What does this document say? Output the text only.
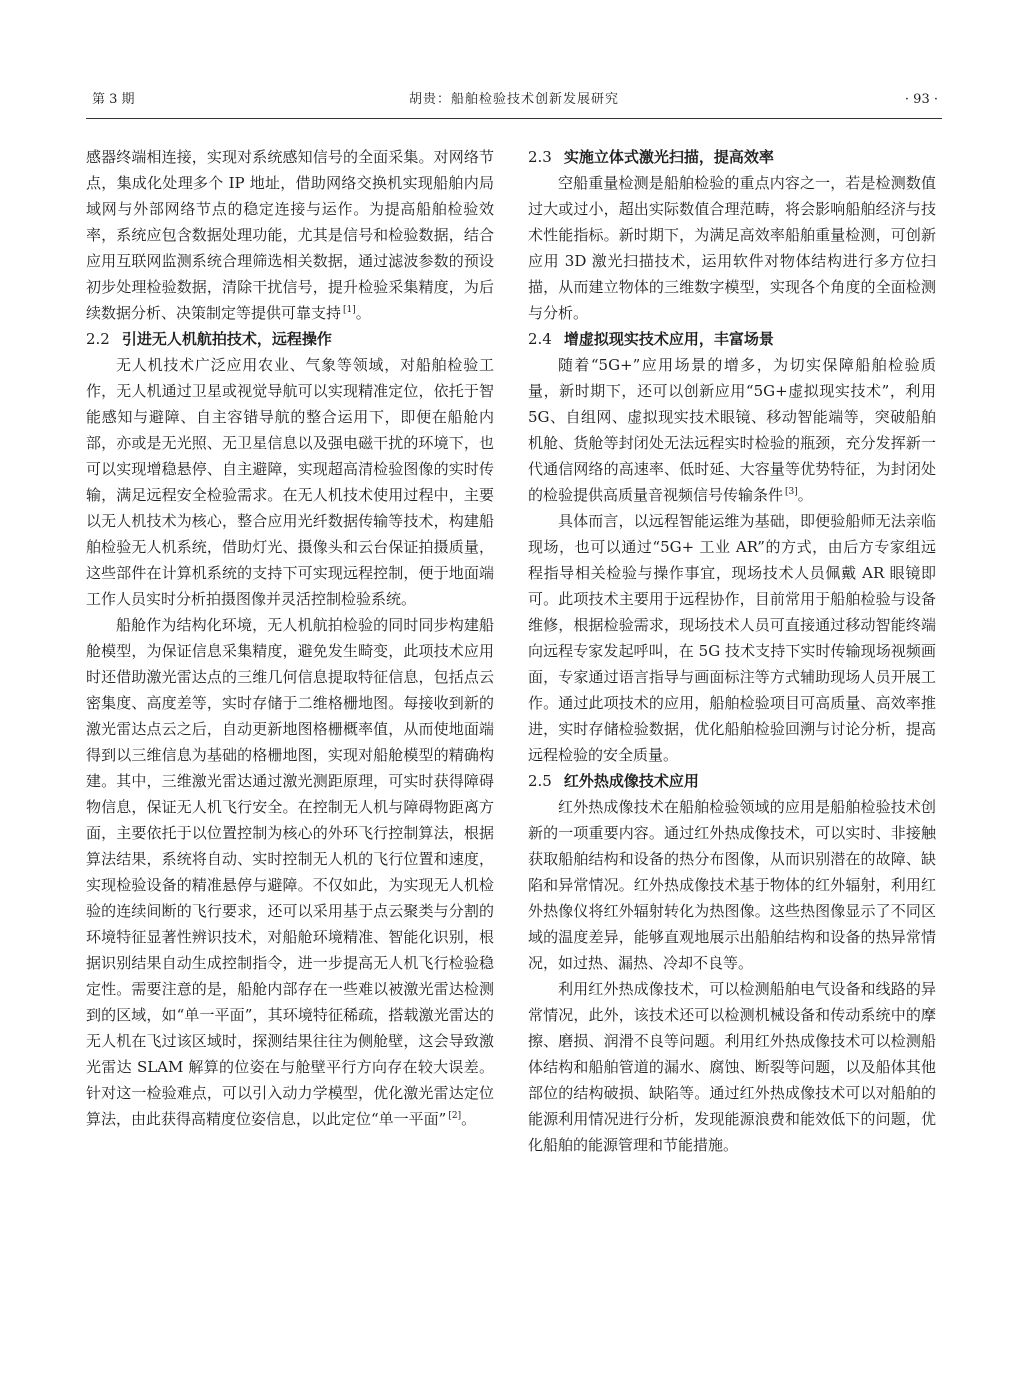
第 3 期	胡贵：船舶检验技术创新发展研究	· 93 ·

感器终端相连接，实现对系统感知信号的全面采集。对网络节点，集成化处理多个 IP 地址，借助网络交换机实现船舶内局域网与外部网络节点的稳定连接与运作。为提高船舶检验效率，系统应包含数据处理功能，尤其是信号和检验数据，结合应用互联网监测系统合理筛选相关数据，通过滤波参数的预设初步处理检验数据，清除干扰信号，提升检验采集精度，为后续数据分析、决策制定等提供可靠支持 [1]。

2.2 引进无人机航拍技术，远程操作

无人机技术广泛应用农业、气象等领域，对船舶检验工作，无人机通过卫星或视觉导航可以实现精准定位，依托于智能感知与避障、自主容错导航的整合运用下，即便在船舱内部，亦或是无光照、无卫星信息以及强电磁干扰的环境下，也可以实现增稳悬停、自主避障，实现超高清检验图像的实时传输，满足远程安全检验需求。在无人机技术使用过程中，主要以无人机技术为核心，整合应用光纤数据传输等技术，构建船舶检验无人机系统，借助灯光、摄像头和云台保证拍摄质量，这些部件在计算机系统的支持下可实现远程控制，便于地面端工作人员实时分析拍摄图像并灵活控制检验系统。

船舱作为结构化环境，无人机航拍检验的同时同步构建船舱模型，为保证信息采集精度，避免发生畸变，此项技术应用时还借助激光雷达点的三维几何信息提取特征信息，包括点云密集度、高度差等，实时存储于二维格栅地图。每接收到新的激光雷达点云之后，自动更新地图格栅概率值，从而使地面端得到以三维信息为基础的格栅地图，实现对船舱模型的精确构建。其中，三维激光雷达通过激光测距原理，可实时获得障碍物信息，保证无人机飞行安全。在控制无人机与障碍物距离方面，主要依托于以位置控制为核心的外环飞行控制算法，根据算法结果，系统将自动、实时控制无人机的飞行位置和速度，实现检验设备的精准悬停与避障。不仅如此，为实现无人机检验的连续间断的飞行要求，还可以采用基于点云聚类与分割的环境特征显著性辨识技术，对船舱环境精准、智能化识别，根据识别结果自动生成控制指令，进一步提高无人机飞行检验稳定性。需要注意的是，船舱内部存在一些难以被激光雷达检测到的区域，如“单一平面”，其环境特征稀疏，搭载激光雷达的无人机在飞过该区域时，探测结果往往为侧舱壁，这会导致激光雷达 SLAM 解算的位姿在与舱壁平行方向存在较大误差。针对这一检验难点，可以引入动力学模型，优化激光雷达定位算法，由此获得高精度位姿信息，以此定位“单一平面” [2]。

2.3 实施立体式激光扫描，提高效率

空船重量检测是船舶检验的重点内容之一，若是检测数值过大或过小，超出实际数值合理范畴，将会影响船舶经济与技术性能指标。新时期下，为满足高效率船舶重量检测，可创新应用 3D 激光扫描技术，运用软件对物体结构进行多方位扫描，从而建立物体的三维数字模型，实现各个角度的全面检测与分析。

2.4 增虚拟现实技术应用，丰富场景

随着“5G+”应用场景的增多，为切实保障船舶检验质量，新时期下，还可以创新应用“5G+虚拟现实技术”，利用 5G、自组网、虚拟现实技术眼镜、移动智能端等，突破船舶机舱、货舱等封闭处无法远程实时检验的瓶颈，充分发挥新一代通信网络的高速率、低时延、大容量等优势特征，为封闭处的检验提供高质量音视频信号传输条件 [3]。

具体而言，以远程智能运维为基础，即便验船师无法亲临现场，也可以通过“5G+ 工业 AR”的方式，由后方专家组远程指导相关检验与操作事宜，现场技术人员佩戴 AR 眼镜即可。此项技术主要用于远程协作，目前常用于船舶检验与设备维修，根据检验需求，现场技术人员可直接通过移动智能终端向远程专家发起呼叫，在 5G 技术支持下实时传输现场视频画面，专家通过语言指导与画面标注等方式辅助现场人员开展工作。通过此项技术的应用，船舶检验项目可高质量、高效率推进，实时存储检验数据，优化船舶检验回溯与讨论分析，提高远程检验的安全质量。

2.5 红外热成像技术应用

红外热成像技术在船舶检验领域的应用是船舶检验技术创新的一项重要内容。通过红外热成像技术，可以实时、非接触获取船舶结构和设备的热分布图像，从而识别潜在的故障、缺陷和异常情况。红外热成像技术基于物体的红外辐射，利用红外热像仪将红外辐射转化为热图像。这些热图像显示了不同区域的温度差异，能够直观地展示出船舶结构和设备的热异常情况，如过热、漏热、冷却不良等。

利用红外热成像技术，可以检测船舶电气设备和线路的异常情况，此外，该技术还可以检测机械设备和传动系统中的摩擦、磨损、润滑不良等问题。利用红外热成像技术可以检测船体结构和船舶管道的漏水、腐蚀、断裂等问题，以及船体其他部位的结构破损、缺陷等。通过红外热成像技术可以对船舶的能源利用情况进行分析，发现能源浪费和能效低下的问题，优化船舶的能源管理和节能措施。
